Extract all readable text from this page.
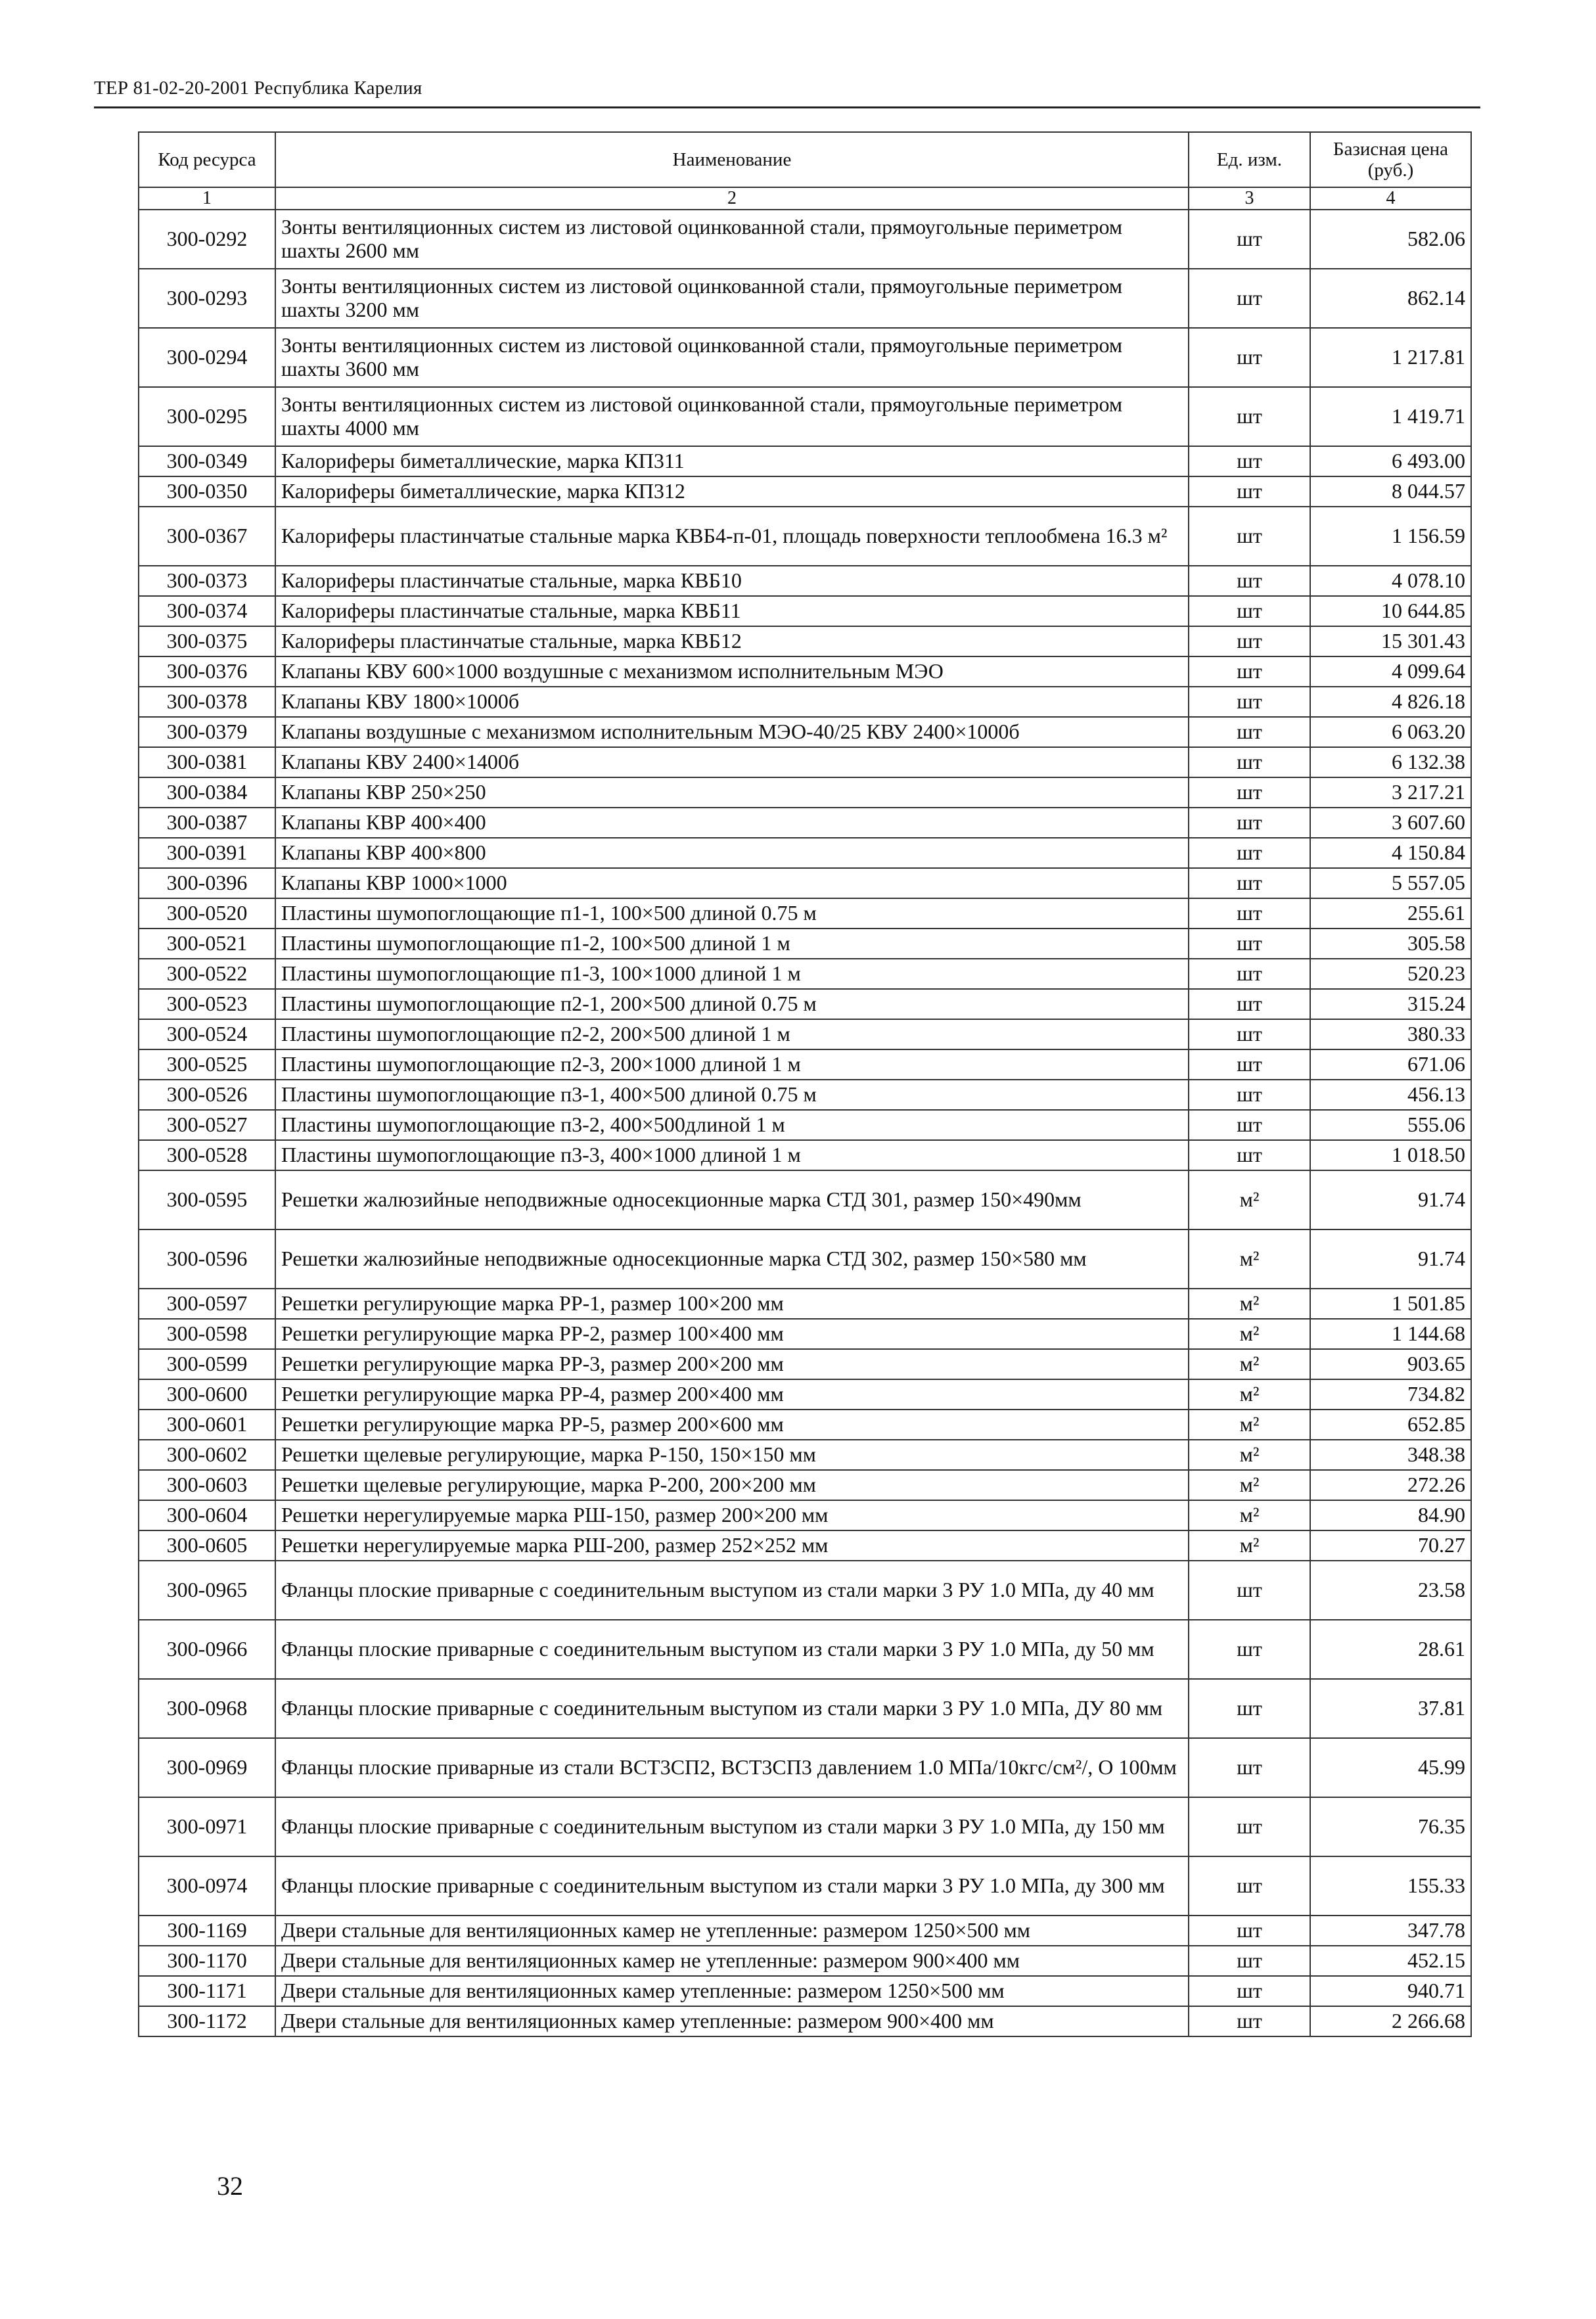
ТЕР 81-02-20-2001 Республика Карелия
Код ресурса	Наименование	Ед. изм.	Базисная цена (руб.)
1	2	3	4
300-0292	Зонты вентиляционных систем из листовой оцинкованной стали, прямоугольные периметром шахты 2600 мм	шт	582.06
300-0293	Зонты вентиляционных систем из листовой оцинкованной стали, прямоугольные периметром шахты 3200 мм	шт	862.14
300-0294	Зонты вентиляционных систем из листовой оцинкованной стали, прямоугольные периметром шахты 3600 мм	шт	1 217.81
300-0295	Зонты вентиляционных систем из листовой оцинкованной стали, прямоугольные периметром шахты 4000 мм	шт	1 419.71
300-0349	Калориферы биметаллические, марка КП311	шт	6 493.00
300-0350	Калориферы биметаллические, марка КП312	шт	8 044.57
300-0367	Калориферы пластинчатые стальные марка КВБ4-п-01, площадь поверхности теплообмена 16.3 м²	шт	1 156.59
300-0373	Калориферы пластинчатые стальные, марка КВБ10	шт	4 078.10
300-0374	Калориферы пластинчатые стальные, марка КВБ11	шт	10 644.85
300-0375	Калориферы пластинчатые стальные, марка КВБ12	шт	15 301.43
300-0376	Клапаны КВУ 600×1000 воздушные с механизмом исполнительным МЭО	шт	4 099.64
300-0378	Клапаны КВУ 1800×1000б	шт	4 826.18
300-0379	Клапаны воздушные с механизмом исполнительным МЭО-40/25 КВУ 2400×1000б	шт	6 063.20
300-0381	Клапаны КВУ 2400×1400б	шт	6 132.38
300-0384	Клапаны КВР 250×250	шт	3 217.21
300-0387	Клапаны КВР 400×400	шт	3 607.60
300-0391	Клапаны КВР 400×800	шт	4 150.84
300-0396	Клапаны КВР 1000×1000	шт	5 557.05
300-0520	Пластины шумопоглощающие п1-1, 100×500 длиной 0.75 м	шт	255.61
300-0521	Пластины шумопоглощающие п1-2, 100×500 длиной 1 м	шт	305.58
300-0522	Пластины шумопоглощающие п1-3, 100×1000 длиной 1 м	шт	520.23
300-0523	Пластины шумопоглощающие п2-1, 200×500 длиной 0.75 м	шт	315.24
300-0524	Пластины шумопоглощающие п2-2, 200×500 длиной 1 м	шт	380.33
300-0525	Пластины шумопоглощающие п2-3, 200×1000 длиной 1 м	шт	671.06
300-0526	Пластины шумопоглощающие п3-1, 400×500 длиной 0.75 м	шт	456.13
300-0527	Пластины шумопоглощающие п3-2, 400×500длиной 1 м	шт	555.06
300-0528	Пластины шумопоглощающие п3-3, 400×1000 длиной 1 м	шт	1 018.50
300-0595	Решетки жалюзийные неподвижные односекционные марка СТД 301, размер 150×490мм	м²	91.74
300-0596	Решетки жалюзийные неподвижные односекционные марка СТД 302, размер 150×580 мм	м²	91.74
300-0597	Решетки регулирующие марка РР-1, размер 100×200 мм	м²	1 501.85
300-0598	Решетки регулирующие марка РР-2, размер 100×400 мм	м²	1 144.68
300-0599	Решетки регулирующие марка РР-3, размер 200×200 мм	м²	903.65
300-0600	Решетки регулирующие марка РР-4, размер 200×400 мм	м²	734.82
300-0601	Решетки регулирующие марка РР-5, размер 200×600 мм	м²	652.85
300-0602	Решетки щелевые регулирующие, марка Р-150, 150×150 мм	м²	348.38
300-0603	Решетки щелевые регулирующие, марка Р-200, 200×200 мм	м²	272.26
300-0604	Решетки нерегулируемые марка РШ-150, размер 200×200 мм	м²	84.90
300-0605	Решетки нерегулируемые марка РШ-200, размер 252×252 мм	м²	70.27
300-0965	Фланцы плоские приварные с соединительным выступом из стали марки 3 РУ 1.0 МПа, ду 40 мм	шт	23.58
300-0966	Фланцы плоские приварные с соединительным выступом из стали марки 3 РУ 1.0 МПа, ду 50 мм	шт	28.61
300-0968	Фланцы плоские приварные с соединительным выступом из стали марки 3 РУ 1.0 МПа, ДУ 80 мм	шт	37.81
300-0969	Фланцы плоские приварные из стали ВСТ3СП2, ВСТ3СП3 давлением 1.0 МПа/10кгс/см²/, О 100мм	шт	45.99
300-0971	Фланцы плоские приварные с соединительным выступом из стали марки 3 РУ 1.0 МПа, ду 150 мм	шт	76.35
300-0974	Фланцы плоские приварные с соединительным выступом из стали марки 3 РУ 1.0 МПа, ду 300 мм	шт	155.33
300-1169	Двери стальные для вентиляционных камер не утепленные: размером 1250×500 мм	шт	347.78
300-1170	Двери стальные для вентиляционных камер не утепленные: размером 900×400 мм	шт	452.15
300-1171	Двери стальные для вентиляционных камер утепленные: размером 1250×500 мм	шт	940.71
300-1172	Двери стальные для вентиляционных камер утепленные: размером 900×400 мм	шт	2 266.68
32
